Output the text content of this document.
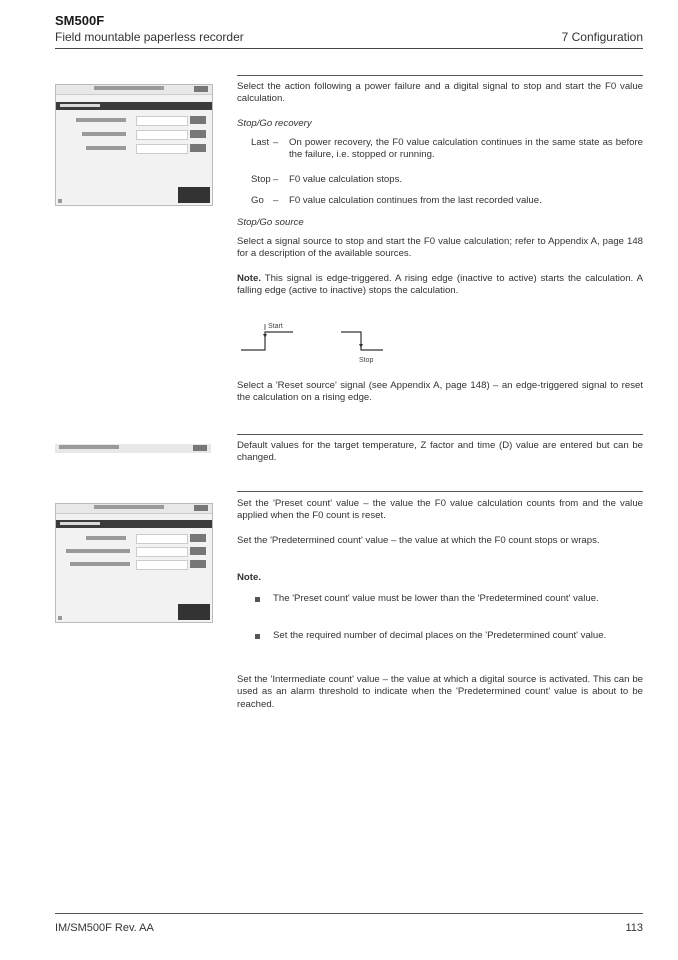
SM500F
Field mountable paperless recorder	7 Configuration
Select the action following a power failure and a digital signal to stop and start the F0 value calculation.
Stop/Go recovery
Last – On power recovery, the F0 value calculation continues in the same state as before the failure, i.e. stopped or running.
Stop – F0 value calculation stops.
Go – F0 value calculation continues from the last recorded value.
Stop/Go source
Select a signal source to stop and start the F0 value calculation; refer to Appendix A, page 148 for a description of the available sources.
Note. This signal is edge-triggered. A rising edge (inactive to active) starts the calculation. A falling edge (active to inactive) stops the calculation.
Start
Stop
Select a 'Reset source' signal (see Appendix A, page 148) – an edge-triggered signal to reset the calculation on a rising edge.
Default values for the target temperature, Z factor and time (D) value are entered but can be changed.
Set the 'Preset count' value – the value the F0 value calculation counts from and the value applied when the F0 count is reset.
Set the 'Predetermined count' value – the value at which the F0 count stops or wraps.
Note.
The 'Preset count' value must be lower than the 'Predetermined count' value.
Set the required number of decimal places on the 'Predetermined count' value.
Set the 'Intermediate count' value – the value at which a digital source is activated. This can be used as an alarm threshold to indicate when the 'Predetermined count' value is about to be reached.
IM/SM500F Rev. AA	113
